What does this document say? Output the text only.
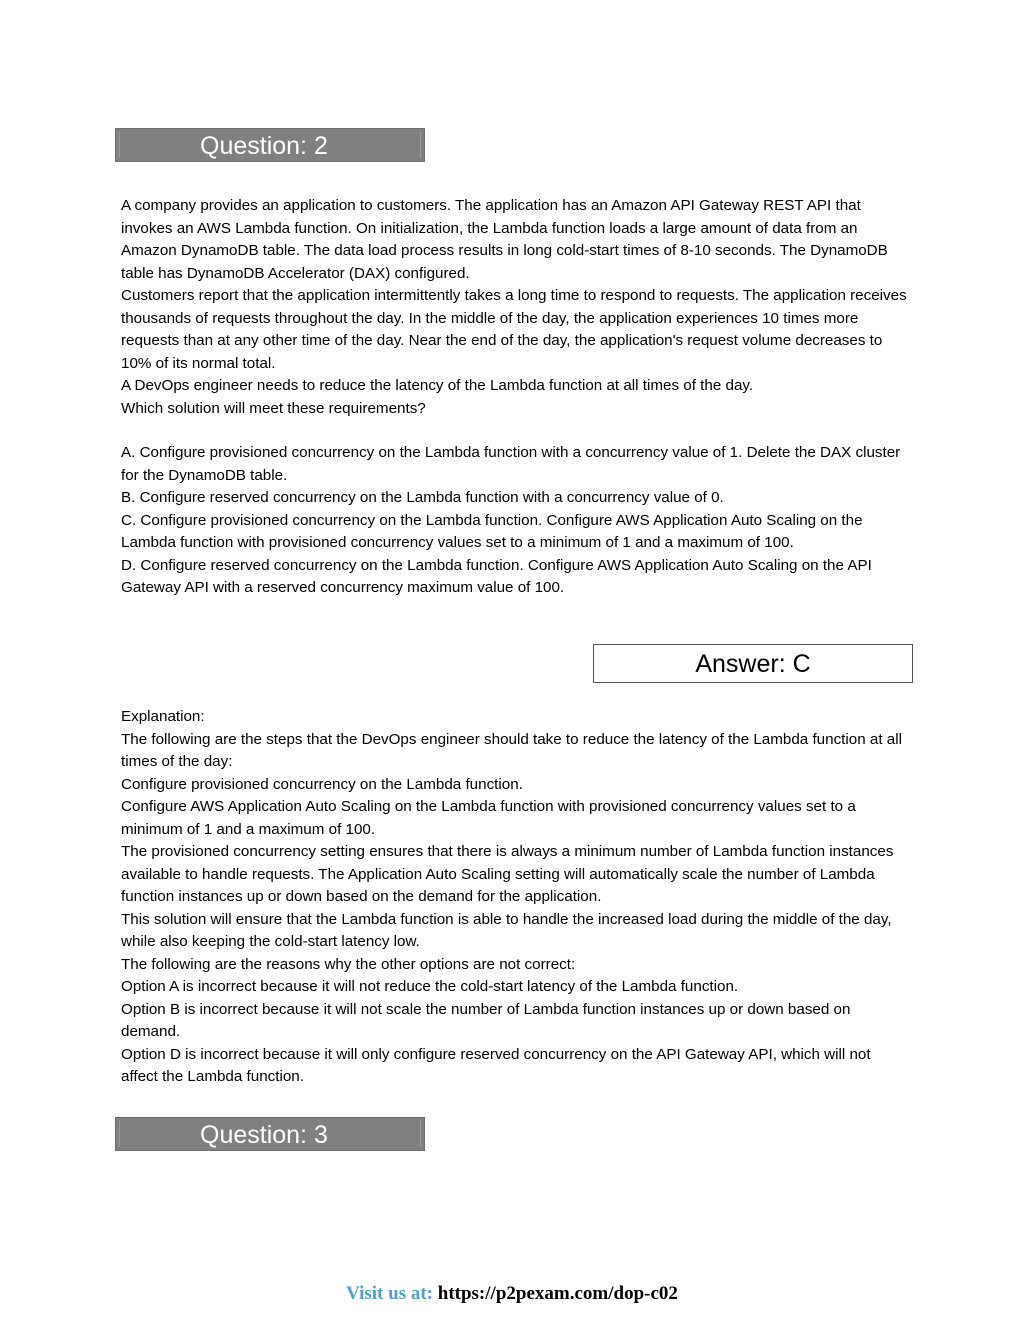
Question: 2

A company provides an application to customers. The application has an Amazon API Gateway REST API that invokes an AWS Lambda function. On initialization, the Lambda function loads a large amount of data from an Amazon DynamoDB table. The data load process results in long cold-start times of 8-10 seconds. The DynamoDB table has DynamoDB Accelerator (DAX) configured.

Customers report that the application intermittently takes a long time to respond to requests. The application receives thousands of requests throughout the day. In the middle of the day, the application experiences 10 times more requests than at any other time of the day. Near the end of the day, the application's request volume decreases to 10% of its normal total.

A DevOps engineer needs to reduce the latency of the Lambda function at all times of the day.

Which solution will meet these requirements?

A. Configure provisioned concurrency on the Lambda function with a concurrency value of 1. Delete the DAX cluster for the DynamoDB table.

B. Configure reserved concurrency on the Lambda function with a concurrency value of 0.

C. Configure provisioned concurrency on the Lambda function. Configure AWS Application Auto Scaling on the Lambda function with provisioned concurrency values set to a minimum of 1 and a maximum of 100.

D. Configure reserved concurrency on the Lambda function. Configure AWS Application Auto Scaling on the API Gateway API with a reserved concurrency maximum value of 100.

Answer: C

Explanation:

The following are the steps that the DevOps engineer should take to reduce the latency of the Lambda function at all times of the day:

Configure provisioned concurrency on the Lambda function.

Configure AWS Application Auto Scaling on the Lambda function with provisioned concurrency values set to a minimum of 1 and a maximum of 100.

The provisioned concurrency setting ensures that there is always a minimum number of Lambda function instances available to handle requests. The Application Auto Scaling setting will automatically scale the number of Lambda function instances up or down based on the demand for the application.

This solution will ensure that the Lambda function is able to handle the increased load during the middle of the day, while also keeping the cold-start latency low.

The following are the reasons why the other options are not correct:

Option A is incorrect because it will not reduce the cold-start latency of the Lambda function.

Option B is incorrect because it will not scale the number of Lambda function instances up or down based on demand.

Option D is incorrect because it will only configure reserved concurrency on the API Gateway API, which will not affect the Lambda function.

Question: 3
Visit us at: https://p2pexam.com/dop-c02
